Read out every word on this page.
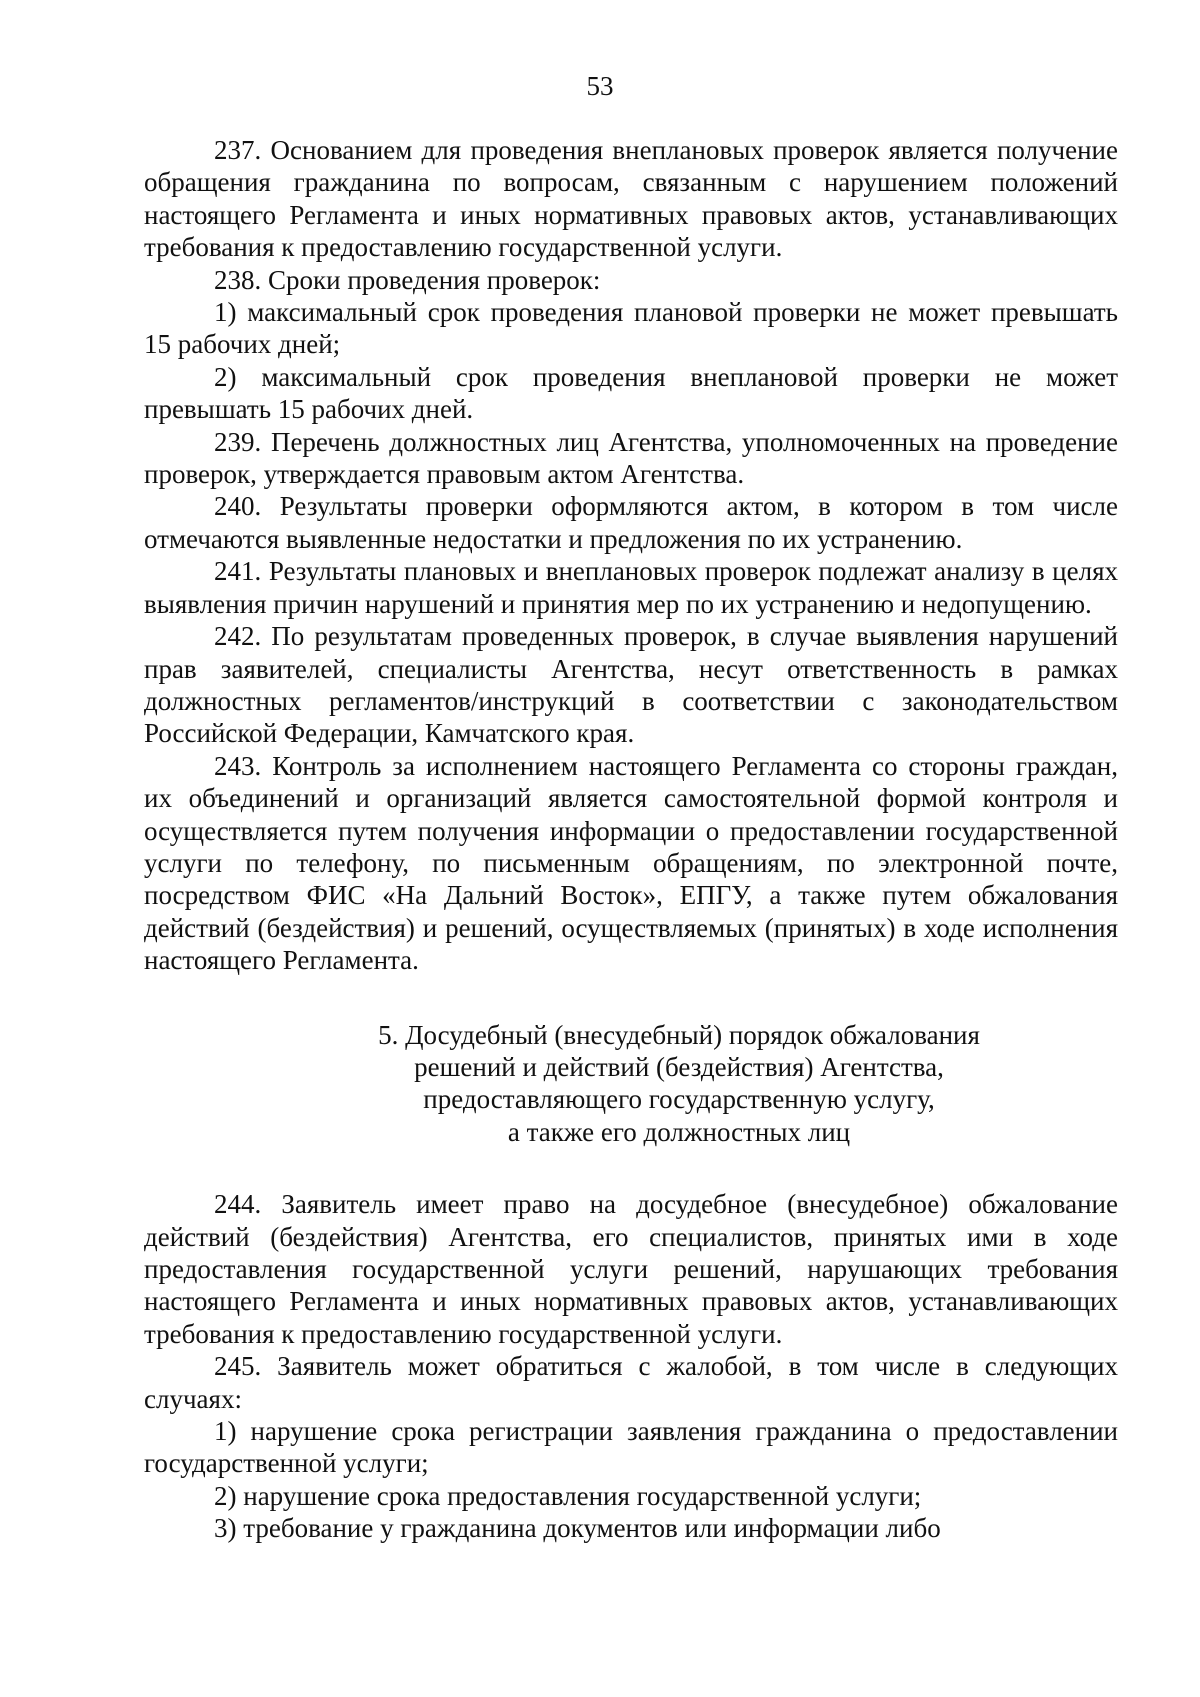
53

237. Основанием для проведения внеплановых проверок является получение обращения гражданина по вопросам, связанным с нарушением положений настоящего Регламента и иных нормативных правовых актов, устанавливающих требования к предоставлению государственной услуги.

238. Сроки проведения проверок:

1) максимальный срок проведения плановой проверки не может превышать 15 рабочих дней;

2) максимальный срок проведения внеплановой проверки не может превышать 15 рабочих дней.

239. Перечень должностных лиц Агентства, уполномоченных на проведение проверок, утверждается правовым актом Агентства.

240. Результаты проверки оформляются актом, в котором в том числе отмечаются выявленные недостатки и предложения по их устранению.

241. Результаты плановых и внеплановых проверок подлежат анализу в целях выявления причин нарушений и принятия мер по их устранению и недопущению.

242. По результатам проведенных проверок, в случае выявления нарушений прав заявителей, специалисты Агентства, несут ответственность в рамках должностных регламентов/инструкций в соответствии с законодательством Российской Федерации, Камчатского края.

243. Контроль за исполнением настоящего Регламента со стороны граждан, их объединений и организаций является самостоятельной формой контроля и осуществляется путем получения информации о предоставлении государственной услуги по телефону, по письменным обращениям, по электронной почте, посредством ФИС «На Дальний Восток», ЕПГУ, а также путем обжалования действий (бездействия) и решений, осуществляемых (принятых) в ходе исполнения настоящего Регламента.

5. Досудебный (внесудебный) порядок обжалования
решений и действий (бездействия) Агентства,
предоставляющего государственную услугу,
а также его должностных лиц

244. Заявитель имеет право на досудебное (внесудебное) обжалование действий (бездействия) Агентства, его специалистов, принятых ими в ходе предоставления государственной услуги решений, нарушающих требования настоящего Регламента и иных нормативных правовых актов, устанавливающих требования к предоставлению государственной услуги.

245. Заявитель может обратиться с жалобой, в том числе в следующих случаях:

1) нарушение срока регистрации заявления гражданина о предоставлении государственной услуги;

2) нарушение срока предоставления государственной услуги;

3) требование у гражданина документов или информации либо
